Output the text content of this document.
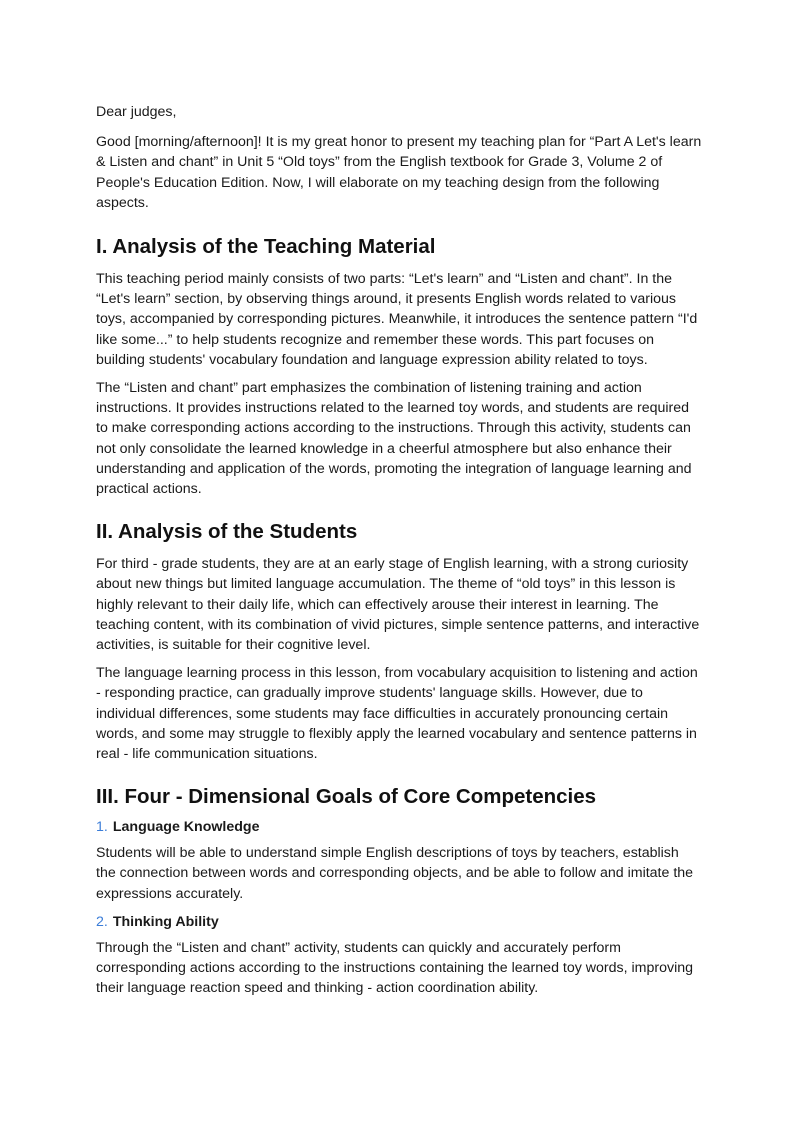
Dear judges,

Good [morning/afternoon]! It is my great honor to present my teaching plan for “Part A Let's learn & Listen and chant” in Unit 5 “Old toys” from the English textbook for Grade 3, Volume 2 of People's Education Edition. Now, I will elaborate on my teaching design from the following aspects.

I. Analysis of the Teaching Material

This teaching period mainly consists of two parts: “Let's learn” and “Listen and chant”. In the “Let's learn” section, by observing things around, it presents English words related to various toys, accompanied by corresponding pictures. Meanwhile, it introduces the sentence pattern “I'd like some...” to help students recognize and remember these words. This part focuses on building students' vocabulary foundation and language expression ability related to toys.

The “Listen and chant” part emphasizes the combination of listening training and action instructions. It provides instructions related to the learned toy words, and students are required to make corresponding actions according to the instructions. Through this activity, students can not only consolidate the learned knowledge in a cheerful atmosphere but also enhance their understanding and application of the words, promoting the integration of language learning and practical actions.

II. Analysis of the Students

For third - grade students, they are at an early stage of English learning, with a strong curiosity about new things but limited language accumulation. The theme of “old toys” in this lesson is highly relevant to their daily life, which can effectively arouse their interest in learning. The teaching content, with its combination of vivid pictures, simple sentence patterns, and interactive activities, is suitable for their cognitive level.

The language learning process in this lesson, from vocabulary acquisition to listening and action - responding practice, can gradually improve students' language skills. However, due to individual differences, some students may face difficulties in accurately pronouncing certain words, and some may struggle to flexibly apply the learned vocabulary and sentence patterns in real - life communication situations.

III. Four - Dimensional Goals of Core Competencies
1. Language Knowledge

Students will be able to understand simple English descriptions of toys by teachers, establish the connection between words and corresponding objects, and be able to follow and imitate the expressions accurately.

2. Thinking Ability

Through the “Listen and chant” activity, students can quickly and accurately perform corresponding actions according to the instructions containing the learned toy words, improving their language reaction speed and thinking - action coordination ability.
